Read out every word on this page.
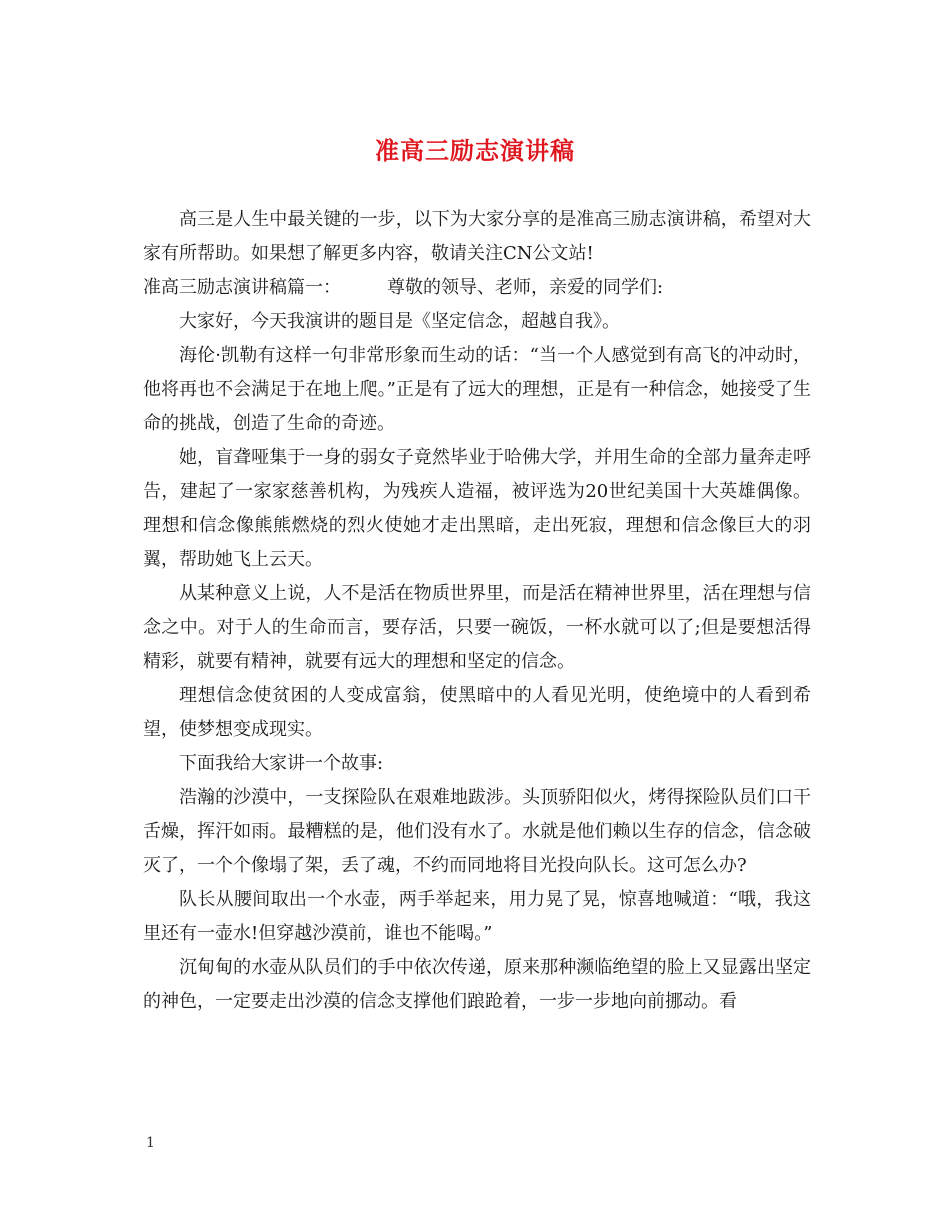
准高三励志演讲稿

高三是人生中最关键的一步，以下为大家分享的是准高三励志演讲稿，希望对大家有所帮助。如果想了解更多内容，敬请关注CN公文站!

准高三励志演讲稿篇一：	尊敬的领导、老师，亲爱的同学们:

大家好，今天我演讲的题目是《坚定信念，超越自我》。

海伦·凯勒有这样一句非常形象而生动的话：“当一个人感觉到有高飞的冲动时，他将再也不会满足于在地上爬。”正是有了远大的理想，正是有一种信念，她接受了生命的挑战，创造了生命的奇迹。

她，盲聋哑集于一身的弱女子竟然毕业于哈佛大学，并用生命的全部力量奔走呼告，建起了一家家慈善机构，为残疾人造福，被评选为20世纪美国十大英雄偶像。理想和信念像熊熊燃烧的烈火使她才走出黑暗，走出死寂，理想和信念像巨大的羽翼，帮助她飞上云天。

从某种意义上说，人不是活在物质世界里，而是活在精神世界里，活在理想与信念之中。对于人的生命而言，要存活，只要一碗饭，一杯水就可以了;但是要想活得精彩，就要有精神，就要有远大的理想和坚定的信念。

理想信念使贫困的人变成富翁，使黑暗中的人看见光明，使绝境中的人看到希望，使梦想变成现实。

下面我给大家讲一个故事:

浩瀚的沙漠中，一支探险队在艰难地跋涉。头顶骄阳似火，烤得探险队员们口干舌燥，挥汗如雨。最糟糕的是，他们没有水了。水就是他们赖以生存的信念，信念破灭了，一个个像塌了架，丢了魂，不约而同地将目光投向队长。这可怎么办?

队长从腰间取出一个水壶，两手举起来，用力晃了晃，惊喜地喊道：“哦，我这里还有一壶水!但穿越沙漠前，谁也不能喝。”

沉甸甸的水壶从队员们的手中依次传递，原来那种濒临绝望的脸上又显露出坚定的神色，一定要走出沙漠的信念支撑他们踉跄着，一步一步地向前挪动。看

1
